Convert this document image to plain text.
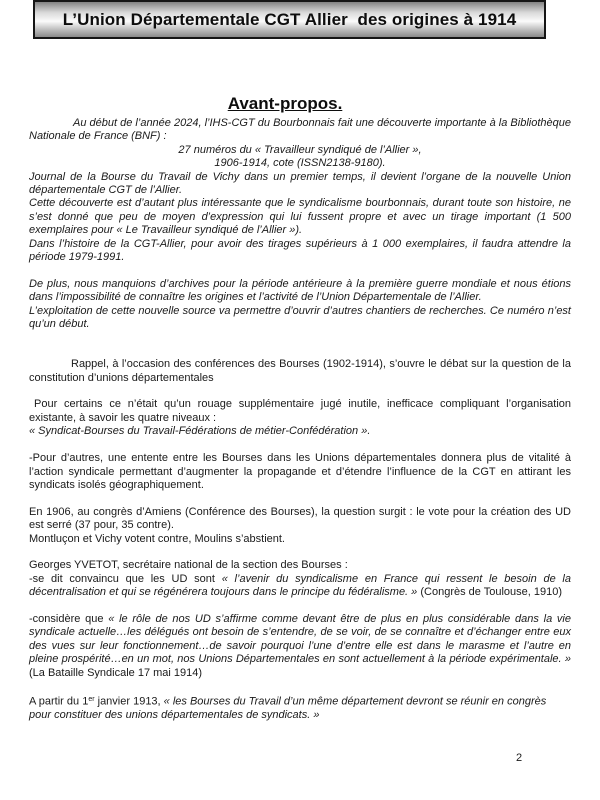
L’Union Départementale CGT Allier  des origines à 1914
Avant-propos.

Au début de l’année 2024, l’IHS-CGT du Bourbonnais fait une découverte importante à la Bibliothèque Nationale de France (BNF) :

27 numéros du « Travailleur syndiqué de l’Allier »,

1906-1914, cote (ISSN2138-9180).

Journal de la Bourse du Travail de Vichy dans un premier temps, il devient l’organe de la nouvelle Union départementale CGT de l’Allier.

Cette découverte est d’autant plus intéressante que le syndicalisme bourbonnais, durant toute son histoire, ne s’est donné que peu de moyen d’expression qui lui fussent propre et avec un tirage important (1 500 exemplaires pour « Le Travailleur syndiqué de l’Allier »).

Dans l’histoire de la CGT-Allier, pour avoir des tirages supérieurs à 1 000 exemplaires, il faudra attendre la période 1979-1991.

De plus, nous manquions d’archives pour la période antérieure à la première guerre mondiale et nous étions dans l’impossibilité de connaître les origines et l’activité de l’Union Départementale de l’Allier.

L’exploitation de cette nouvelle source va permettre d’ouvrir d’autres chantiers de recherches. Ce numéro n’est qu’un début.

Rappel, à l’occasion des conférences des Bourses (1902-1914), s’ouvre le débat sur la question de la constitution d’unions départementales

Pour certains ce n’était qu’un rouage supplémentaire jugé inutile, inefficace compliquant l’organisation existante, à savoir les quatre niveaux :

« Syndicat-Bourses du Travail-Fédérations de métier-Confédération ».

-Pour d’autres, une entente entre les Bourses dans les Unions départementales donnera plus de vitalité à l’action syndicale permettant d’augmenter la propagande et d’étendre l’influence de la CGT en attirant les syndicats isolés géographiquement.

En 1906, au congrès d’Amiens (Conférence des Bourses), la question surgit : le vote pour la création des UD est serré (37 pour, 35 contre).

Montluçon et Vichy votent contre, Moulins s’abstient.

Georges YVETOT, secrétaire national de la section des Bourses :

-se dit convaincu que les UD sont « l’avenir du syndicalisme en France qui ressent le besoin de la décentralisation et qui se régénérera toujours dans le principe du fédéralisme. » (Congrès de Toulouse, 1910)

-considère que « le rôle de nos UD s’affirme comme devant être de plus en plus considérable dans la vie syndicale actuelle…les délégués ont besoin de s’entendre, de se voir, de se connaître et d’échanger entre eux des vues sur leur fonctionnement…de savoir pourquoi l’une d’entre elle est dans le marasme et l’autre en pleine prospérité…en un mot, nos Unions Départementales en sont actuellement à la période expérimentale. » (La Bataille Syndicale 17 mai 1914)

A partir du 1er janvier 1913, « les Bourses du Travail d’un même département devront se réunir en congrès pour constituer des unions départementales de syndicats. »

2
